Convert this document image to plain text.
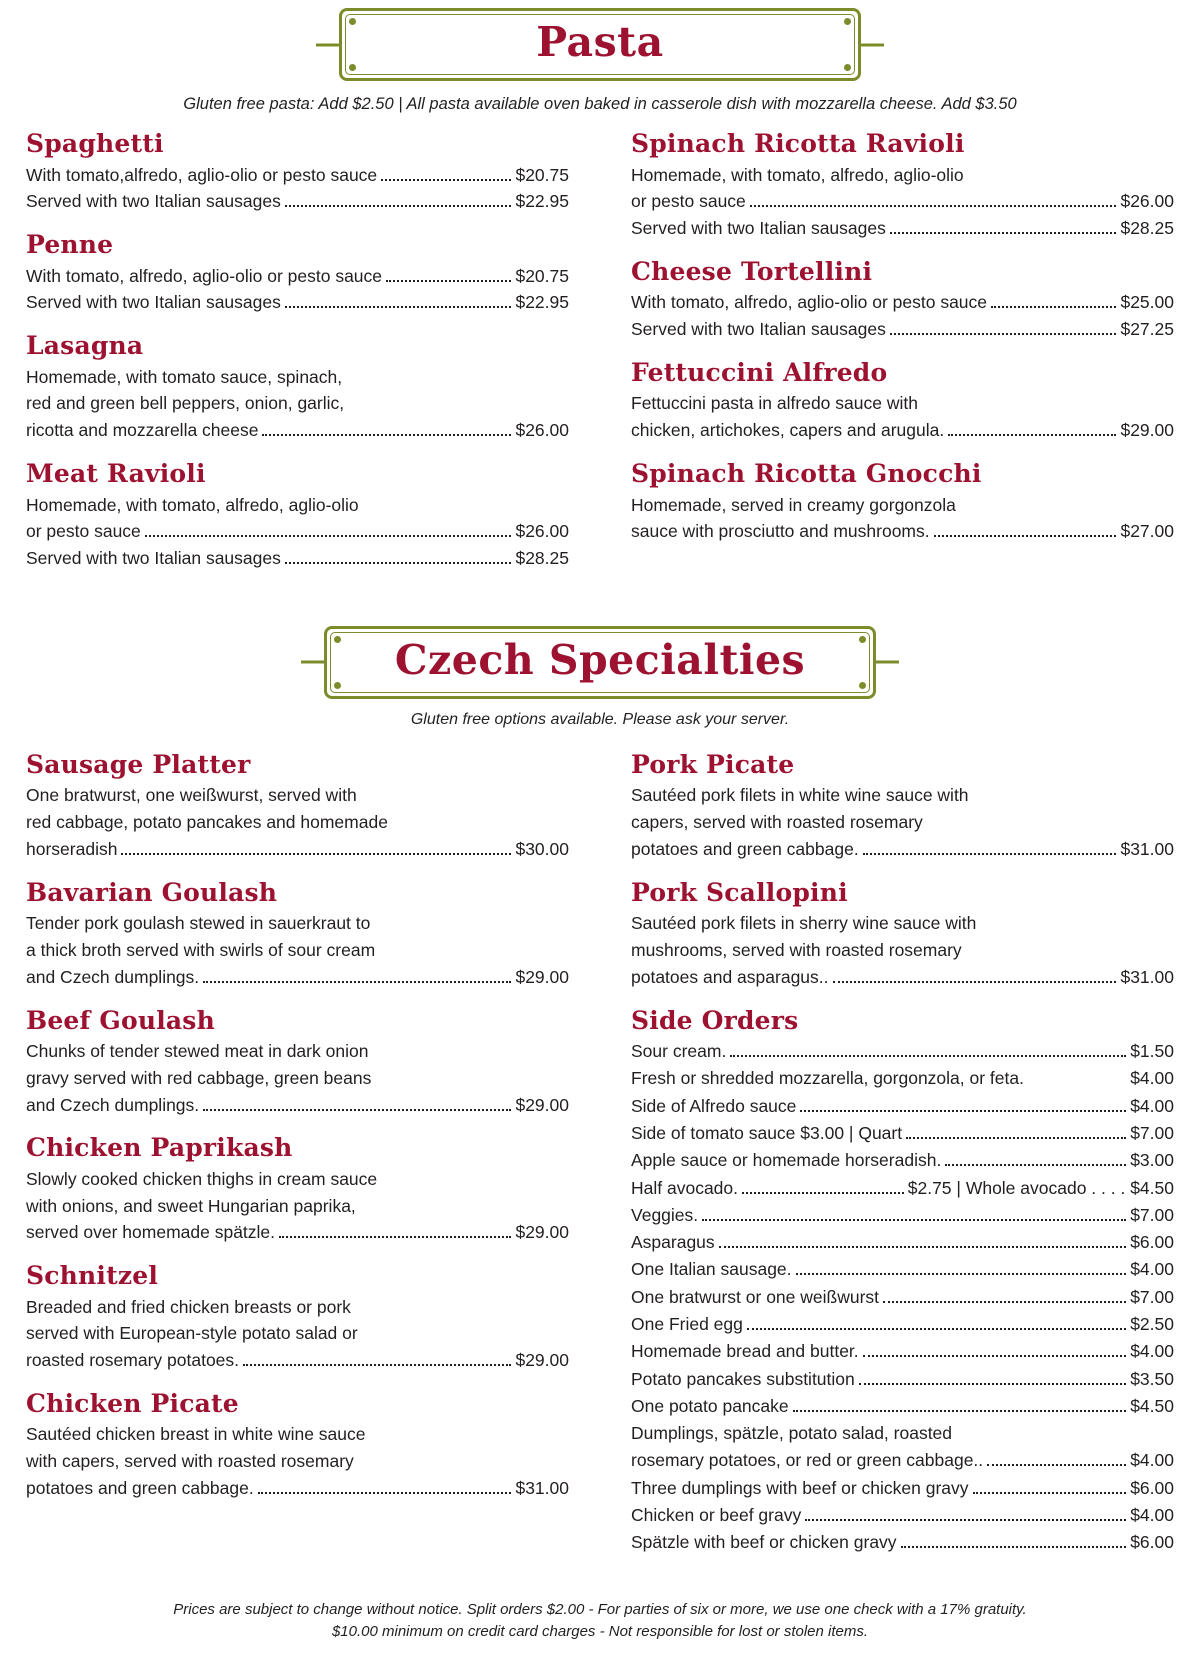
Pasta
Gluten free pasta: Add $2.50 | All pasta available oven baked in casserole dish with mozzarella cheese. Add $3.50
Spaghetti
With tomato,alfredo, aglio-olio or pesto sauce	$20.75
Served with two Italian sausages	$22.95
Penne
With tomato, alfredo, aglio-olio or pesto sauce	$20.75
Served with two Italian sausages	$22.95
Lasagna
Homemade, with tomato sauce, spinach,
red and green bell peppers, onion, garlic,
ricotta and mozzarella cheese	$26.00
Meat Ravioli
Homemade, with tomato, alfredo, aglio-olio
or pesto sauce	$26.00
Served with two Italian sausages	$28.25
Spinach Ricotta Ravioli
Homemade, with tomato, alfredo, aglio-olio
or pesto sauce	$26.00
Served with two Italian sausages	$28.25
Cheese Tortellini
With tomato, alfredo, aglio-olio or pesto sauce	$25.00
Served with two Italian sausages	$27.25
Fettuccini Alfredo
Fettuccini pasta in alfredo sauce with
chicken, artichokes, capers and arugula.	$29.00
Spinach Ricotta Gnocchi
Homemade, served in creamy gorgonzola
sauce with prosciutto and mushrooms.	$27.00
Czech Specialties
Gluten free options available. Please ask your server.
Sausage Platter
One bratwurst, one weißwurst, served with
red cabbage, potato pancakes and homemade
horseradish	$30.00
Bavarian Goulash
Tender pork goulash stewed in sauerkraut to
a thick broth served with swirls of sour cream
and Czech dumplings.	$29.00
Beef Goulash
Chunks of tender stewed meat in dark onion
gravy served with red cabbage, green beans
and Czech dumplings.	$29.00
Chicken Paprikash
Slowly cooked chicken thighs in cream sauce
with onions, and sweet Hungarian paprika,
served over homemade spätzle.	$29.00
Schnitzel
Breaded and fried chicken breasts or pork
served with European-style potato salad or
roasted rosemary potatoes.	$29.00
Chicken Picate
Sautéed chicken breast in white wine sauce
with capers, served with roasted rosemary
potatoes and green cabbage.	$31.00
Pork Picate
Sautéed pork filets in white wine sauce with
capers, served with roasted rosemary
potatoes and green cabbage.	$31.00
Pork Scallopini
Sautéed pork filets in sherry wine sauce with
mushrooms, served with roasted rosemary
potatoes and asparagus..	$31.00
Side Orders
Sour cream.	$1.50
Fresh or shredded mozzarella, gorgonzola, or feta.	$4.00
Side of Alfredo sauce	$4.00
Side of tomato sauce $3.00 | Quart	$7.00
Apple sauce or homemade horseradish.	$3.00
Half avocado.	$2.75 | Whole avocado . . . . $4.50
Veggies.	$7.00
Asparagus	$6.00
One Italian sausage.	$4.00
One bratwurst or one weißwurst	$7.00
One Fried egg	$2.50
Homemade bread and butter.	$4.00
Potato pancakes substitution	$3.50
One potato pancake	$4.50
Dumplings, spätzle, potato salad, roasted
rosemary potatoes, or red or green cabbage..	$4.00
Three dumplings with beef or chicken gravy	$6.00
Chicken or beef gravy	$4.00
Spätzle with beef or chicken gravy	$6.00
Prices are subject to change without notice. Split orders $2.00 - For parties of six or more, we use one check with a 17% gratuity.
$10.00 minimum on credit card charges - Not responsible for lost or stolen items.
